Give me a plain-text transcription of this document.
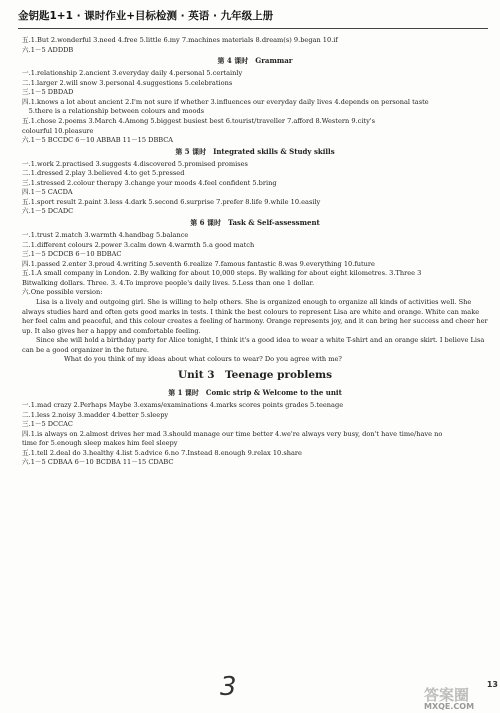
金钥匙1+1 · 课时作业+目标检测 · 英语 · 九年级上册
五.1.But 2.wonderful 3.need 4.free 5.little 6.my 7.machines materials 8.dream(s) 9.began 10.if
六.1－5 ADDDB
第 4 课时　Grammar
一.1.relationship 2.ancient 3.everyday daily 4.personal 5.certainly
二.1.larger 2.will snow 3.personal 4.suggestions 5.celebrations
三.1－5 DBDAD
四.1.knows a lot about ancient 2.I'm not sure if whether 3.influences our everyday daily lives 4.depends on personal taste
　5.there is a relationship between colours and moods
五.1.chose 2.poems 3.March 4.Among 5.biggest busiest best 6.tourist/traveller 7.afford 8.Western 9.city's
colourful 10.pleasure
六.1－5 BCCDC 6－10 ABBAB 11－15 DBBCA
第 5 课时　Integrated skills & Study skills
一.1.work 2.practised 3.suggests 4.discovered 5.promised promises
二.1.dressed 2.play 3.believed 4.to get 5.pressed
三.1.stressed 2.colour therapy 3.change your moods 4.feel confident 5.bring
四.1－5 CACDA
五.1.sport result 2.paint 3.less 4.dark 5.second 6.surprise 7.prefer 8.life 9.while 10.easily
六.1－5 DCADC
第 6 课时　Task & Self-assessment
一.1.trust 2.match 3.warmth 4.handbag 5.balance
二.1.different colours 2.power 3.calm down 4.warmth 5.a good match
三.1－5 DCDCB 6－10 BDBAC
四.1.passed 2.enter 3.proud 4.writing 5.seventh 6.realize 7.famous fantastic 8.was 9.everything 10.future
五.1.A small company in London. 2.By walking for about 10,000 steps. By walking for about eight kilometres. 3.Three 3
Bitwalking dollars. Three. 3. 4.To improve people's daily lives. 5.Less than one 1 dollar.
六.One possible version:
Lisa is a lively and outgoing girl. She is willing to help others. She is organized enough to organize all kinds of activities well. She always studies hard and often gets good marks in tests. I think the best colours to represent Lisa are white and orange. White can make her feel calm and peaceful, and this colour creates a feeling of harmony. Orange represents joy, and it can bring her success and cheer her up. It also gives her a happy and comfortable feeling.
Since she will hold a birthday party for Alice tonight, I think it's a good idea to wear a white T-shirt and an orange skirt. I believe Lisa can be a good organizer in the future.
What do you think of my ideas about what colours to wear? Do you agree with me?
Unit 3　Teenage problems
第 1 课时　Comic strip & Welcome to the unit
一.1.mad crazy 2.Perhaps Maybe 3.exams/examinations 4.marks scores points grades 5.teenage
二.1.less 2.noisy 3.madder 4.better 5.sleepy
三.1－5 DCCAC
四.1.is always on 2.almost drives her mad 3.should manage our time better 4.we're always very busy, don't have time/have no
time for 5.enough sleep makes him feel sleepy
五.1.tell 2.deal do 3.healthy 4.list 5.advice 6.no 7.Instead 8.enough 9.relax 10.share
六.1－5 CDBAA 6－10 BCDBA 11－15 CDABC
3	答案圈
MXQE.COM
13
